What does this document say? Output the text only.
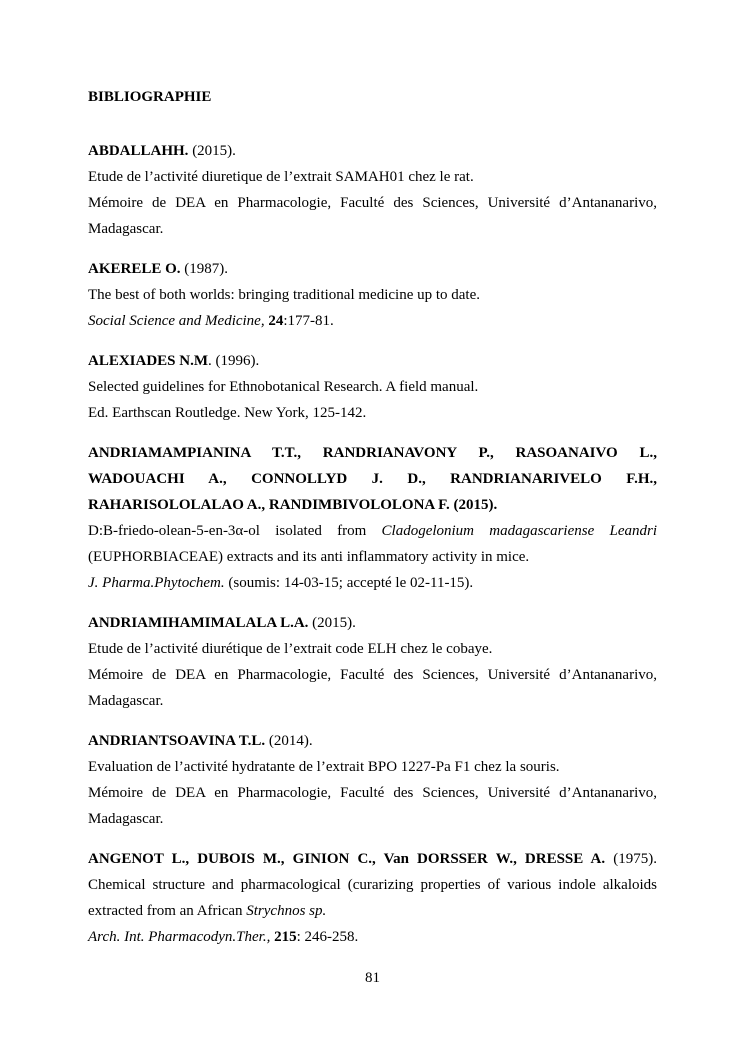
BIBLIOGRAPHIE

ABDALLAHH. (2015).

Etude de l’activité diuretique de l’extrait SAMAH01 chez le rat.

Mémoire de DEA en Pharmacologie, Faculté des Sciences, Université d’Antananarivo,

Madagascar.

AKERELE O. (1987).

The best of both worlds: bringing traditional medicine up to date.

Social Science and Medicine, 24:177-81.

ALEXIADES N.M. (1996).

Selected guidelines for Ethnobotanical Research. A field manual.

Ed. Earthscan Routledge. New York, 125-142.

ANDRIAMAMPIANINA T.T., RANDRIANAVONY P., RASOANAIVO L.,

WADOUACHI A., CONNOLLYD J. D., RANDRIANARIVELO F.H.,

RAHARISOLOLALAO A., RANDIMBIVOLOLONA F. (2015).

D:B-friedo-olean-5-en-3α-ol isolated from Cladogelonium madagascariense Leandri

(EUPHORBIACEAE) extracts and its anti inflammatory activity in mice.

J. Pharma.Phytochem. (soumis: 14-03-15; accepté le 02-11-15).

ANDRIAMIHAMIMALALA L.A. (2015).

Etude de l’activité diurétique de l’extrait code ELH chez le cobaye.

Mémoire de DEA en Pharmacologie, Faculté des Sciences, Université d’Antananarivo,

Madagascar.

ANDRIANTSOAVINA T.L. (2014).

Evaluation de l’activité hydratante de l’extrait BPO 1227-Pa F1 chez la souris.

Mémoire de DEA en Pharmacologie, Faculté des Sciences, Université d’Antananarivo,

Madagascar.

ANGENOT L., DUBOIS M., GINION C., Van DORSSER W., DRESSE A. (1975).

Chemical structure and pharmacological (curarizing properties of various indole alkaloids

extracted from an African Strychnos sp.

Arch. Int. Pharmacodyn.Ther., 215: 246-258.

81
